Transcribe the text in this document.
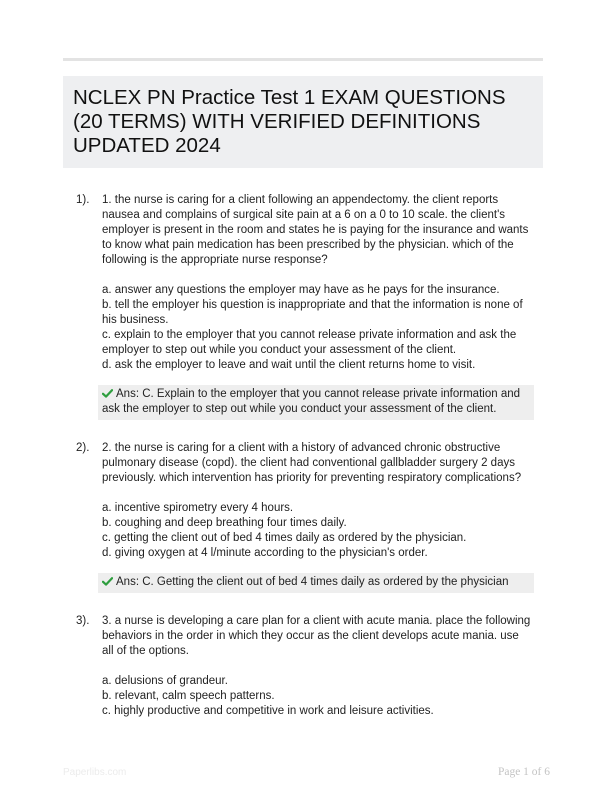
NCLEX PN Practice Test 1 EXAM QUESTIONS (20 TERMS) WITH VERIFIED DEFINITIONS UPDATED 2024
1). 1. the nurse is caring for a client following an appendectomy. the client reports nausea and complains of surgical site pain at a 6 on a 0 to 10 scale. the client's employer is present in the room and states he is paying for the insurance and wants to know what pain medication has been prescribed by the physician. which of the following is the appropriate nurse response?

a. answer any questions the employer may have as he pays for the insurance.

b. tell the employer his question is inappropriate and that the information is none of his business.

c. explain to the employer that you cannot release private information and ask the employer to step out while you conduct your assessment of the client.

d. ask the employer to leave and wait until the client returns home to visit.

Ans: C. Explain to the employer that you cannot release private information and ask the employer to step out while you conduct your assessment of the client.
2). 2. the nurse is caring for a client with a history of advanced chronic obstructive pulmonary disease (copd). the client had conventional gallbladder surgery 2 days previously. which intervention has priority for preventing respiratory complications?

a. incentive spirometry every 4 hours.

b. coughing and deep breathing four times daily.

c. getting the client out of bed 4 times daily as ordered by the physician.

d. giving oxygen at 4 l/minute according to the physician's order.

Ans: C. Getting the client out of bed 4 times daily as ordered by the physician
3). 3. a nurse is developing a care plan for a client with acute mania. place the following behaviors in the order in which they occur as the client develops acute mania. use all of the options.

a. delusions of grandeur.

b. relevant, calm speech patterns.

c. highly productive and competitive in work and leisure activities.

Paperlibs.com	Page 1 of 6
